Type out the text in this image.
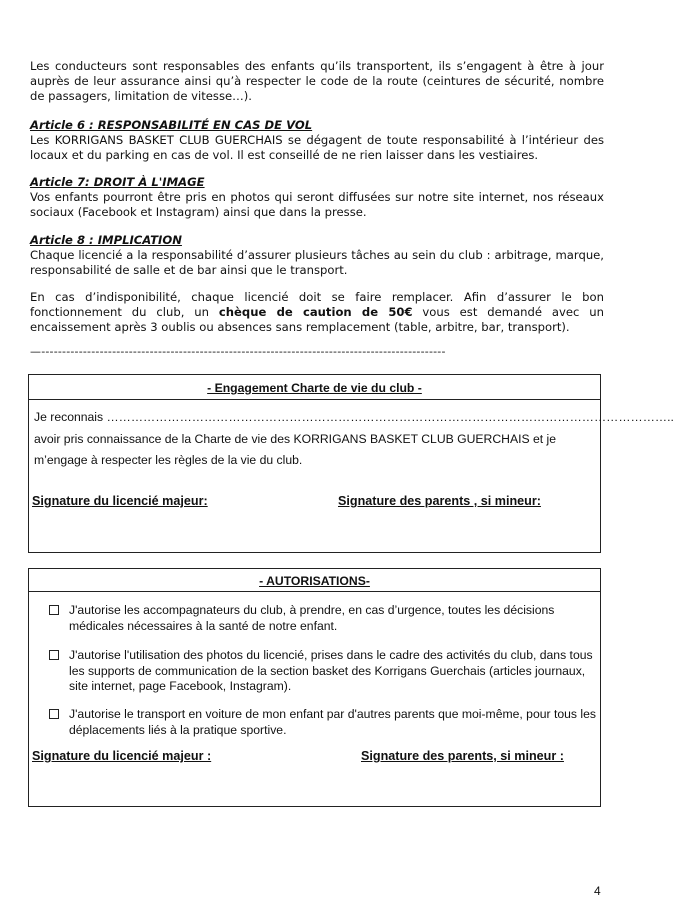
Les conducteurs sont responsables des enfants qu’ils transportent, ils s’engagent à être à jour auprès de leur assurance ainsi qu’à respecter le code de la route (ceintures de sécurité, nombre de passagers, limitation de vitesse…).

Article 6 : RESPONSABILITÉ EN CAS DE VOL
Les KORRIGANS BASKET CLUB GUERCHAIS se dégagent de toute responsabilité à l’intérieur des locaux et du parking en cas de vol. Il est conseillé de ne rien laisser dans les vestiaires.
Article 7: DROIT À L'IMAGE
Vos enfants pourront être pris en photos qui seront diffusées sur notre site internet, nos réseaux sociaux (Facebook et Instagram) ainsi que dans la presse.
Article 8 : IMPLICATION
Chaque licencié a la responsabilité d’assurer plusieurs tâches au sein du club : arbitrage, marque, responsabilité de salle et de bar ainsi que le transport.

En cas d’indisponibilité, chaque licencié doit se faire remplacer. Afin d’assurer le bon fonctionnement du club, un chèque de caution de 50€ vous est demandé avec un encaissement après 3 oublis ou absences sans remplacement (table, arbitre, bar, transport).

—-------------------------------------------------------------------------------------------------
- Engagement Charte de vie du club -
Je reconnais …………………………………………………………………………………………………………………………..
avoir pris connaissance de la Charte de vie des KORRIGANS BASKET CLUB GUERCHAIS et je
m’engage à respecter les règles de la vie du club.
Signature du licencié majeur:	Signature des parents , si mineur:
- AUTORISATIONS-
J'autorise les accompagnateurs du club, à prendre, en cas d’urgence, toutes les décisions médicales nécessaires à la santé de notre enfant.
J'autorise l'utilisation des photos du licencié, prises dans le cadre des activités du club, dans tous les supports de communication de la section basket des Korrigans Guerchais (articles journaux, site internet, page Facebook, Instagram).
J'autorise le transport en voiture de mon enfant par d'autres parents que moi-même, pour tous les déplacements liés à la pratique sportive.
Signature du licencié majeur :	Signature des parents, si mineur :
4
